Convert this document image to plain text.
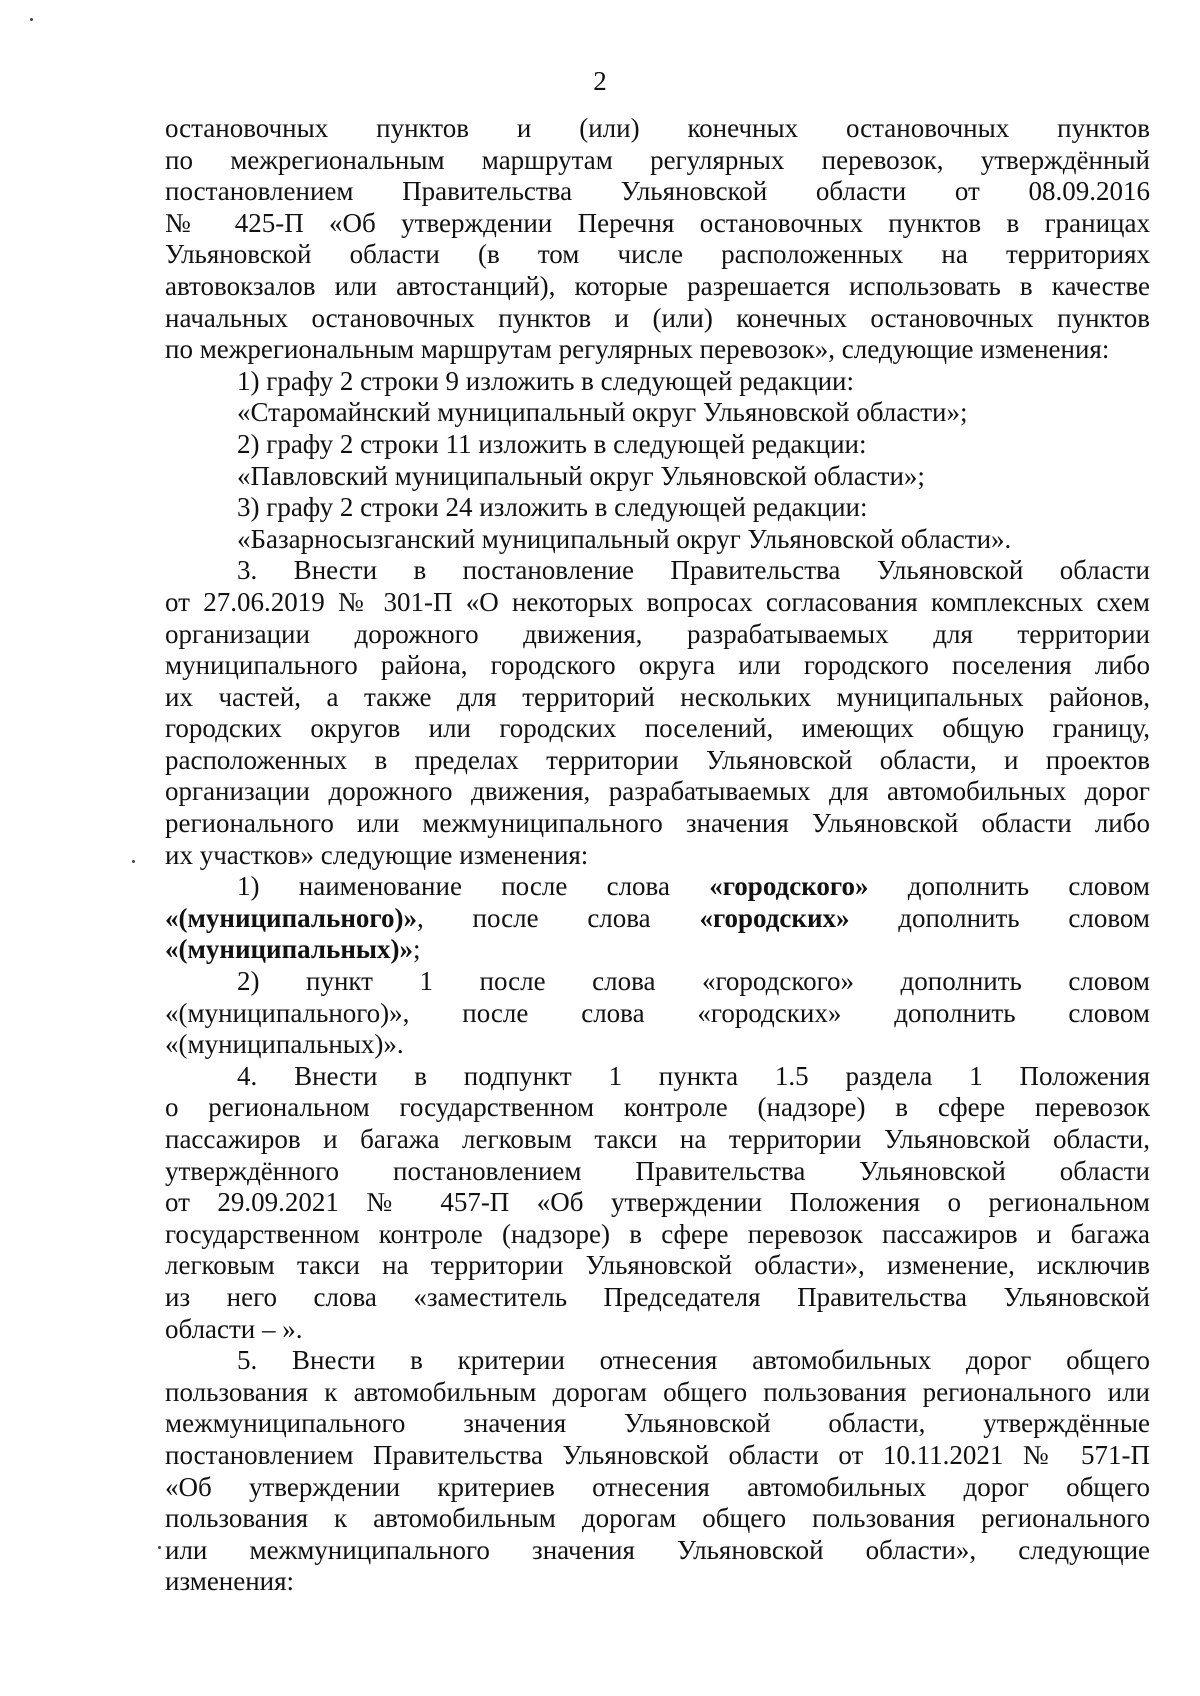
2

остановочных пунктов и (или) конечных остановочных пунктов

по межрегиональным маршрутам регулярных перевозок, утверждённый

постановлением Правительства Ульяновской области от 08.09.2016

№ 425-П «Об утверждении Перечня остановочных пунктов в границах

Ульяновской области (в том числе расположенных на территориях

автовокзалов или автостанций), которые разрешается использовать в качестве

начальных остановочных пунктов и (или) конечных остановочных пунктов

по межрегиональным маршрутам регулярных перевозок», следующие изменения:

1) графу 2 строки 9 изложить в следующей редакции:

«Старомайнский муниципальный округ Ульяновской области»;

2) графу 2 строки 11 изложить в следующей редакции:

«Павловский муниципальный округ Ульяновской области»;

3) графу 2 строки 24 изложить в следующей редакции:

«Базарносызганский муниципальный округ Ульяновской области».

3. Внести в постановление Правительства Ульяновской области

от 27.06.2019 № 301-П «О некоторых вопросах согласования комплексных схем

организации дорожного движения, разрабатываемых для территории

муниципального района, городского округа или городского поселения либо

их частей, а также для территорий нескольких муниципальных районов,

городских округов или городских поселений, имеющих общую границу,

расположенных в пределах территории Ульяновской области, и проектов

организации дорожного движения, разрабатываемых для автомобильных дорог

регионального или межмуниципального значения Ульяновской области либо

их участков» следующие изменения:

1) наименование после слова «городского» дополнить словом

«(муниципального)», после слова «городских» дополнить словом

«(муниципальных)»;

2) пункт 1 после слова «городского» дополнить словом

«(муниципального)», после слова «городских» дополнить словом

«(муниципальных)».

4. Внести в подпункт 1 пункта 1.5 раздела 1 Положения

о региональном государственном контроле (надзоре) в сфере перевозок

пассажиров и багажа легковым такси на территории Ульяновской области,

утверждённого постановлением Правительства Ульяновской области

от 29.09.2021 № 457-П «Об утверждении Положения о региональном

государственном контроле (надзоре) в сфере перевозок пассажиров и багажа

легковым такси на территории Ульяновской области», изменение, исключив

из него слова «заместитель Председателя Правительства Ульяновской

области – ».

5. Внести в критерии отнесения автомобильных дорог общего

пользования к автомобильным дорогам общего пользования регионального или

межмуниципального значения Ульяновской области, утверждённые

постановлением Правительства Ульяновской области от 10.11.2021 № 571-П

«Об утверждении критериев отнесения автомобильных дорог общего

пользования к автомобильным дорогам общего пользования регионального

или межмуниципального значения Ульяновской области», следующие

изменения:
